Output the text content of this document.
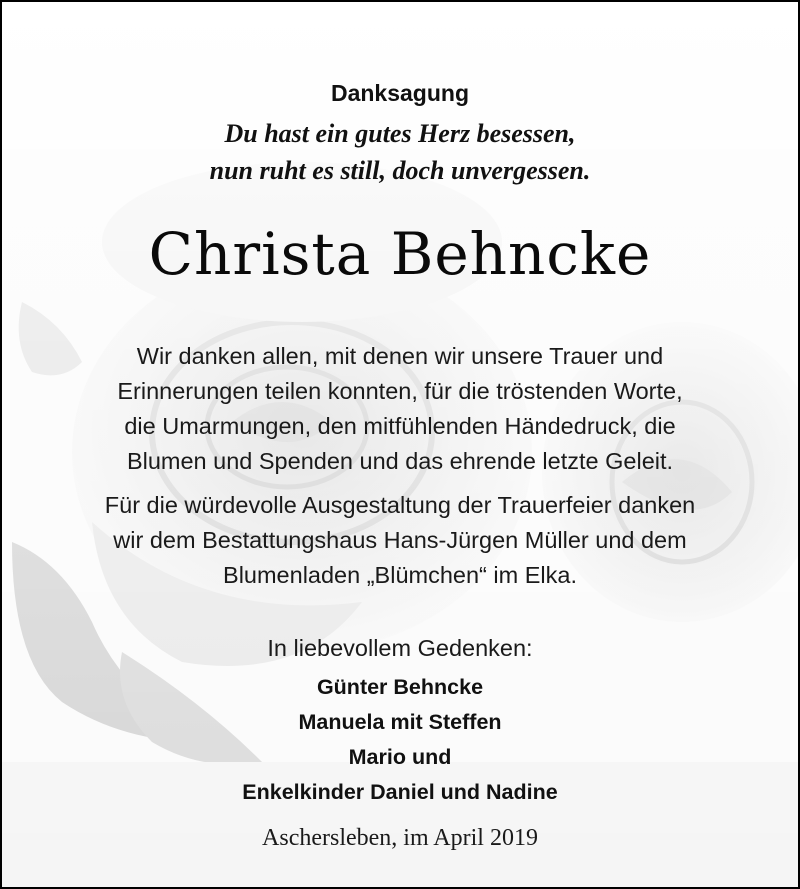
Danksagung
Du hast ein gutes Herz besessen,
nun ruht es still, doch unvergessen.
Christa Behncke
Wir danken allen, mit denen wir unsere Trauer und
Erinnerungen teilen konnten, für die tröstenden Worte,
die Umarmungen, den mitfühlenden Händedruck, die
Blumen und Spenden und das ehrende letzte Geleit.
Für die würdevolle Ausgestaltung der Trauerfeier danken
wir dem Bestattungshaus Hans-Jürgen Müller und dem
Blumenladen „Blümchen“ im Elka.
In liebevollem Gedenken:
Günter Behncke
Manuela mit Steffen
Mario und
Enkelkinder Daniel und Nadine
Aschersleben, im April 2019
